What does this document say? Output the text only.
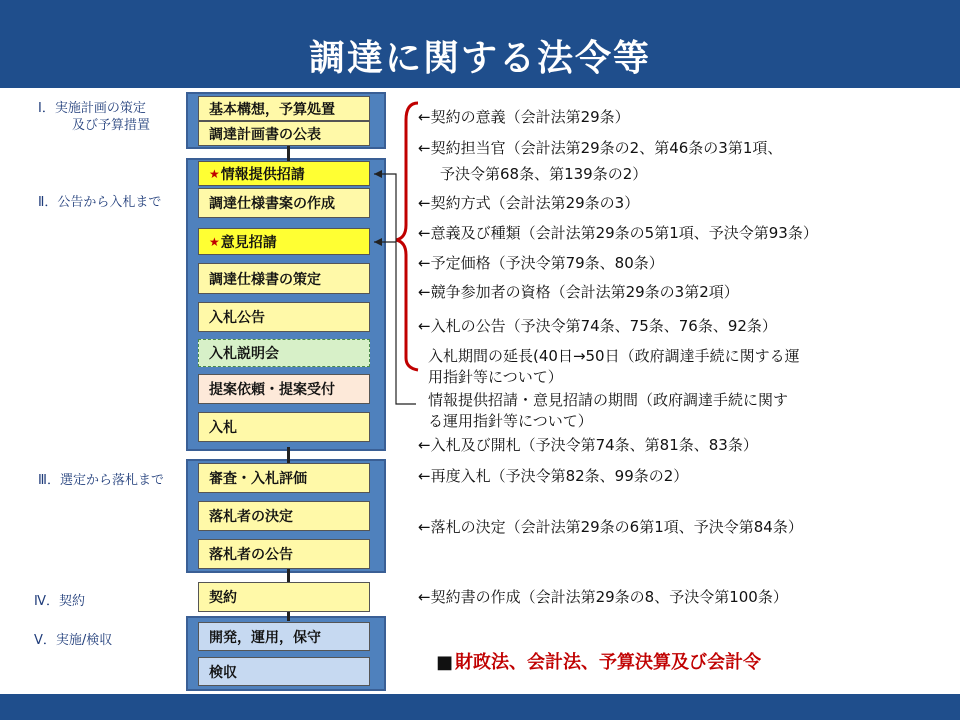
調達に関する法令等
Ⅰ．実施計画の策定
及び予算措置
Ⅱ．公告から入札まで
Ⅲ．選定から落札まで
Ⅳ．契約
Ⅴ．実施/検収
基本構想，予算処置
調達計画書の公表
★ 情報提供招請
調達仕様書案の作成
★ 意見招請
調達仕様書の策定
入札公告
入札説明会
提案依頼・提案受付
入札
審査・入札評価
落札者の決定
落札者の公告
契約
開発，運用，保守
検収
←契約の意義（会計法第29条）
←契約担当官（会計法第29条の2、第46条の3第1項、
予決令第68条、第139条の2）
←契約方式（会計法第29条の3）
←意義及び種類（会計法第29条の5第1項、予決令第93条）
←予定価格（予決令第79条、80条）
←競争参加者の資格（会計法第29条の3第2項）
←入札の公告（予決令第74条、75条、76条、92条）
入札期間の延長(40日→50日（政府調達手続に関する運
用指針等について）
情報提供招請・意見招請の期間（政府調達手続に関す
る運用指針等について）
←入札及び開札（予決令第74条、第81条、83条）
←再度入札（予決令第82条、99条の2）
←落札の決定（会計法第29条の6第1項、予決令第84条）
←契約書の作成（会計法第29条の8、予決令第100条）
■ 財政法、会計法、予算決算及び会計令
